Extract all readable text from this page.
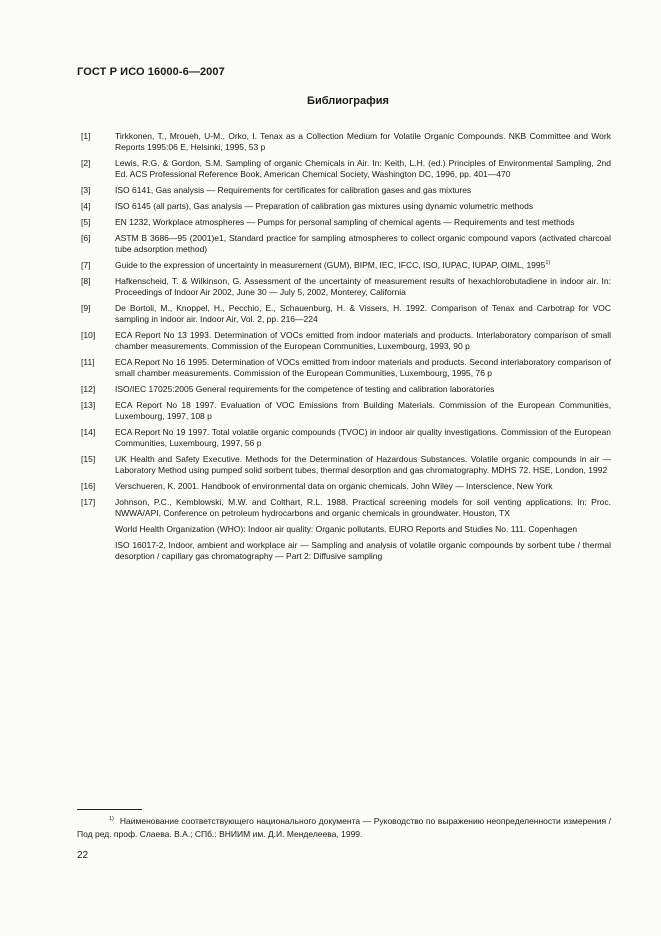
ГОСТ Р ИСО 16000-6—2007
Библиография
[1]	Tirkkonen, T., Mroueh, U-M., Orko, I. Tenax as a Collection Medium for Volatile Organic Compounds. NKB Committee and Work Reports 1995:06 E, Helsinki, 1995, 53 p
[2]	Lewis, R.G. & Gordon, S.M. Sampling of organic Chemicals in Air. In: Keith, L.H. (ed.) Principles of Environmental Sampling, 2nd Ed. ACS Professional Reference Book, American Chemical Society, Washington DC, 1996, pp. 401—470
[3]	ISO 6141, Gas analysis — Requirements for certificates for calibration gases and gas mixtures
[4]	ISO 6145 (all parts), Gas analysis — Preparation of calibration gas mixtures using dynamic volumetric methods
[5]	EN 1232, Workplace atmospheres — Pumps for personal sampling of chemical agents — Requirements and test methods
[6]	ASTM B 3686—95 (2001)e1, Standard practice for sampling atmospheres to collect organic compound vapors (activated charcoal tube adsorption method)
[7]	Guide to the expression of uncertainty in measurement (GUM), BIPM, IEC, IFCC, ISO, IUPAC, IUPAP, OIML, 1995$^{1)}$
[8]	Hafkenscheid, T. & Wilkinson, G. Assessment of the uncertainty of measurement results of hexachlorobutadiene in indoor air. In: Proceedings of Indoor Air 2002, June 30 — July 5, 2002, Monterey, California
[9]	De Bortoli, M., Knoppel, H., Pecchio, E., Schauenburg, H. & Vissers, H. 1992. Comparison of Tenax and Carbotrap for VOC sampling in indoor air. Indoor Air, Vol. 2, pp. 216—224
[10]	ECA Report No 13 1993. Determination of VOCs emitted from indoor materials and products. Interlaboratory comparison of small chamber measurements. Commission of the European Communities, Luxembourg, 1993, 90 p
[11]	ECA Report No 16 1995. Determination of VOCs emitted from indoor materials and products. Second interlaboratory comparison of small chamber measurements. Commission of the European Communities, Luxembourg, 1995, 76 p
[12]	ISO/IEC 17025:2005 General requirements for the competence of testing and calibration laboratories
[13]	ECA Report No 18 1997. Evaluation of VOC Emissions from Building Materials. Commission of the European Communities, Luxembourg, 1997, 108 p
[14]	ECA Report No 19 1997. Total volatile organic compounds (TVOC) in indoor air quality investigations. Commission of the European Communities, Luxembourg, 1997, 56 p
[15]	UK Health and Safety Executive. Methods for the Determination of Hazardous Substances. Volatile organic compounds in air — Laboratory Method using pumped solid sorbent tubes, thermal desorption and gas chromatography. MDHS 72. HSE, London, 1992
[16]	Verschueren, K. 2001. Handbook of environmental data on organic chemicals. John Wiley — Interscience, New York
[17]	Johnson, P.C., Kemblowski, M.W. and Colthart, R.L. 1988. Practical screening models for soil venting applications. In: Proc. NWWA/API, Conference on petroleum hydrocarbons and organic chemicals in groundwater. Houston, TX
World Health Organization (WHO): Indoor air quality: Organic pollutants. EURO Reports and Studies No. 111. Copenhagen
ISO 16017-2, Indoor, ambient and workplace air — Sampling and analysis of volatile organic compounds by sorbent tube / thermal desorption / capillary gas chromatography — Part 2: Diffusive sampling
$^{1)}$ Наименование соответствующего национального документа — Руководство по выражению неопределенности измерения / Под ред. проф. Слаева. В.А.; СПб.: ВНИИМ им. Д.И. Менделеева, 1999.
22
